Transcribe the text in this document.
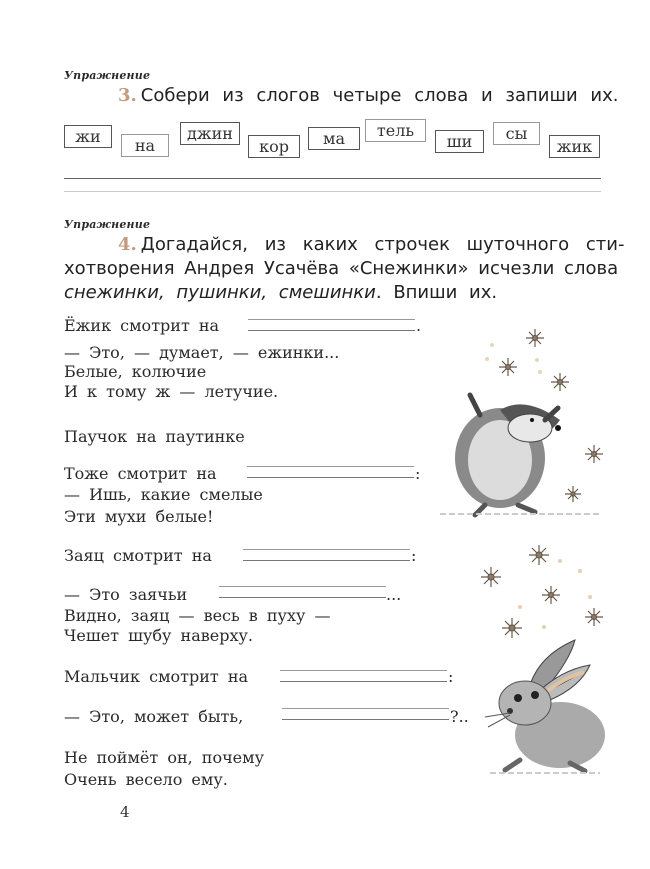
Упражнение
3. Собери из слогов четыре слова и запиши их.
жи	на
джин
кор	ма	тель
ши	сы
жик
Упражнение
4. Догадайся, из каких строчек шуточного сти-
хотворения Андрея Усачёва «Снежинки» исчезли слова
снежинки, пушинки, смешинки. Впиши их.
Ёжик смотрит на	.
— Это, — думает, — ежинки...
Белые, колючие
И к тому ж — летучие.
Паучок на паутинке
Тоже смотрит на	:
— Ишь, какие смелые
Эти мухи белые!
Заяц смотрит на	:
— Это заячьи	...
Видно, заяц — весь в пуху —
Чешет шубу наверху.
Мальчик смотрит на	:
— Это, может быть,	?..
Не поймёт он, почему
Очень весело ему.
4
